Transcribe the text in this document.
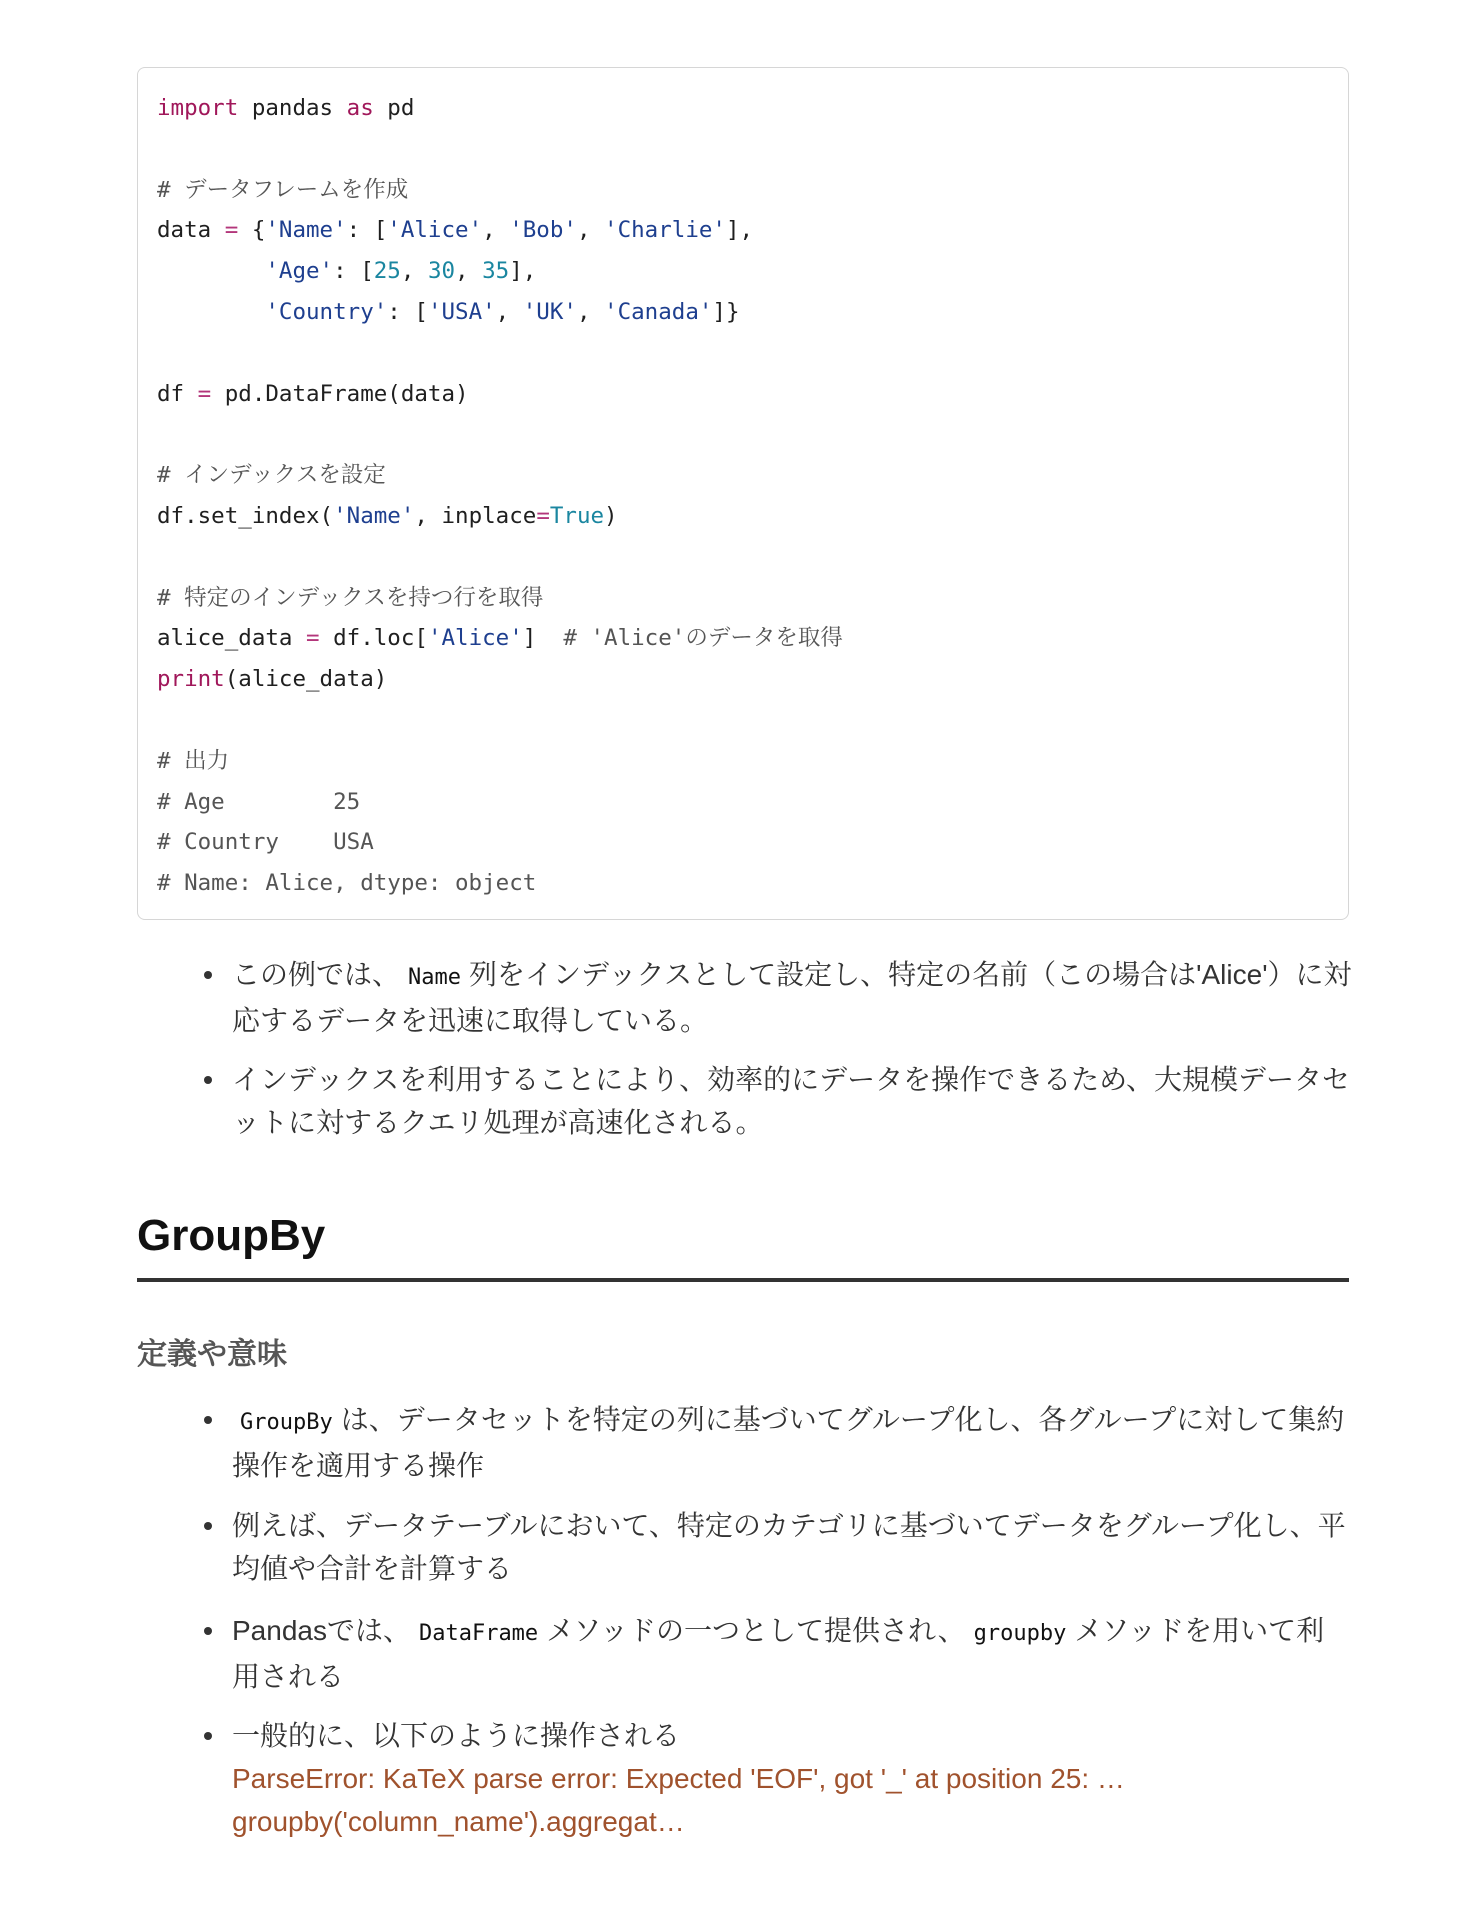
import pandas as pd

# データフレームを作成
data = {'Name': ['Alice', 'Bob', 'Charlie'],
'Age': [25, 30, 35],
'Country': ['USA', 'UK', 'Canada']}

df = pd.DataFrame(data)

# インデックスを設定
df.set_index('Name', inplace=True)

# 特定のインデックスを持つ行を取得
alice_data = df.loc['Alice']  # 'Alice'のデータを取得
print(alice_data)

# 出力
# Age        25
# Country    USA
# Name: Alice, dtype: object
この例では、 Name 列をインデックスとして設定し、特定の名前（この場合は'Alice'）に対応するデータを迅速に取得している。
インデックスを利用することにより、効率的にデータを操作できるため、大規模データセットに対するクエリ処理が高速化される。
GroupBy
定義や意味
GroupBy は、データセットを特定の列に基づいてグループ化し、各グループに対して集約操作を適用する操作
例えば、データテーブルにおいて、特定のカテゴリに基づいてデータをグループ化し、平均値や合計を計算する
Pandasでは、 DataFrame メソッドの一つとして提供され、 groupby メソッドを用いて利用される
一般的に、以下のように操作される
ParseError: KaTeX parse error: Expected 'EOF', got '_' at position 25: …
groupby('column_name').aggregat…
